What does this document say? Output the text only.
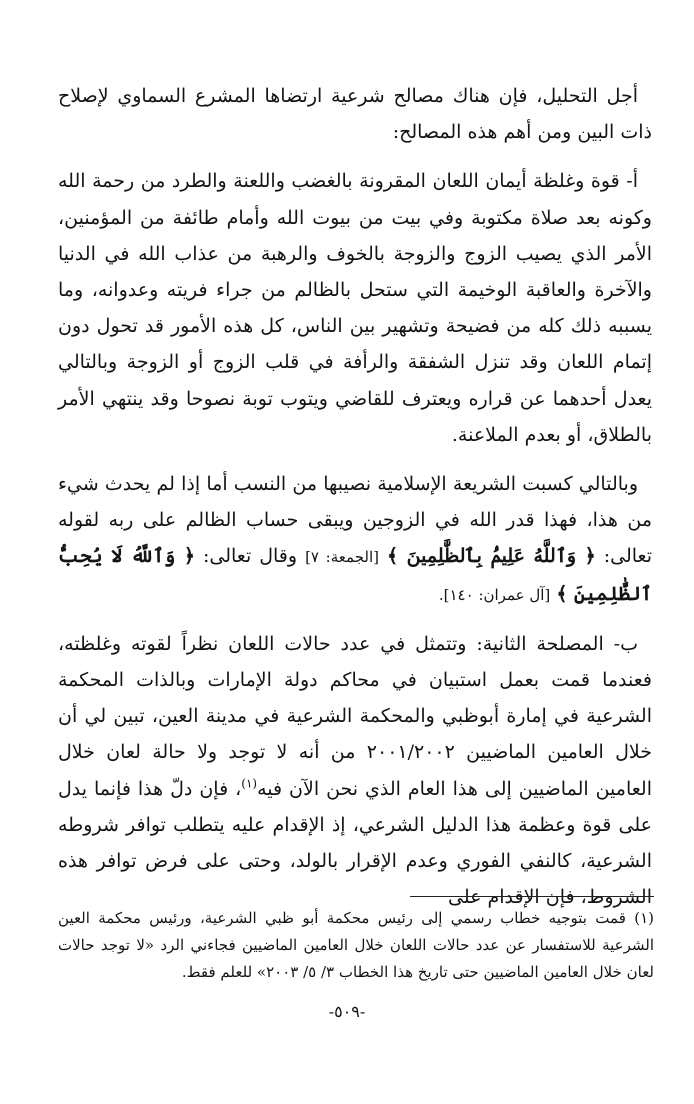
أجل التحليل، فإن هناك مصالح شرعية ارتضاها المشرع السماوي لإصلاح ذات البين ومن أهم هذه المصالح:

أ- قوة وغلظة أيمان اللعان المقرونة بالغضب واللعنة والطرد من رحمة الله وكونه بعد صلاة مكتوبة وفي بيت من بيوت الله وأمام طائفة من المؤمنين، الأمر الذي يصيب الزوج والزوجة بالخوف والرهبة من عذاب الله في الدنيا والآخرة والعاقبة الوخيمة التي ستحل بالظالم من جراء فريته وعدوانه، وما يسببه ذلك كله من فضيحة وتشهير بين الناس، كل هذه الأمور قد تحول دون إتمام اللعان وقد تنزل الشفقة والرأفة في قلب الزوج أو الزوجة وبالتالي يعدل أحدهما عن قراره ويعترف للقاضي ويتوب توبة نصوحا وقد ينتهي الأمر بالطلاق، أو بعدم الملاعنة.

وبالتالي كسبت الشريعة الإسلامية نصيبها من النسب أما إذا لم يحدث شيء من هذا، فهذا قدر الله في الزوجين ويبقى حساب الظالم على ربه لقوله تعالى: ﴿ وَٱللَّهُ عَلِيمُۢ بِٱلظَّٰلِمِينَ ﴾ [الجمعة: ٧] وقال تعالى: ﴿ وَٱللَّهُ لَا يُحِبُّ ٱلظَّٰلِمِينَ ﴾ [آل عمران: ١٤٠].

ب- المصلحة الثانية: وتتمثل في عدد حالات اللعان نظراً لقوته وغلظته، فعندما قمت بعمل استبيان في محاكم دولة الإمارات وبالذات المحكمة الشرعية في إمارة أبوظبي والمحكمة الشرعية في مدينة العين، تبين لي أن خلال العامين الماضيين ٢٠٠١/٢٠٠٢ من أنه لا توجد ولا حالة لعان خلال العامين الماضيين إلى هذا العام الذي نحن الآن فيه$^{(١)}$، فإن دلّ هذا فإنما يدل على قوة وعظمة هذا الدليل الشرعي، إذ الإقدام عليه يتطلب توافر شروطه الشرعية، كالنفي الفوري وعدم الإقرار بالولد، وحتى على فرض توافر هذه الشروط، فإن الإقدام على

(١) قمت بتوجيه خطاب رسمي إلى رئيس محكمة أبو ظبي الشرعية، ورئيس محكمة العين الشرعية للاستفسار عن عدد حالات اللعان خلال العامين الماضيين فجاءني الرد «لا توجد حالات لعان خلال العامين الماضيين حتى تاريخ هذا الخطاب ٣/ ٥/ ٢٠٠٣» للعلم فقط.

-٥٠٩-
